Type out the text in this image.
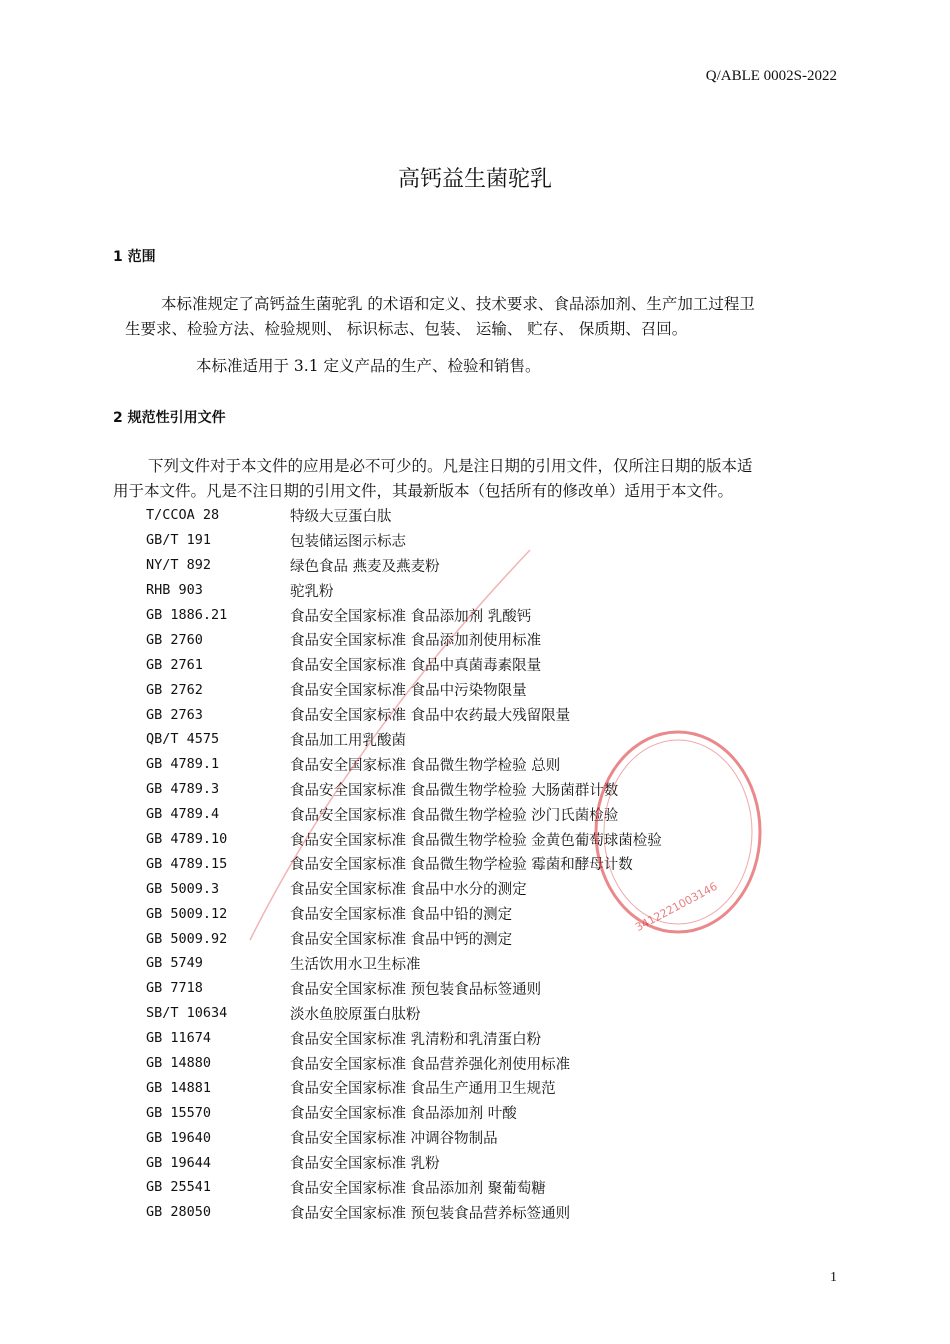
Q/ABLE 0002S-2022
高钙益生菌驼乳
1 范围
本标准规定了高钙益生菌驼乳 的术语和定义、技术要求、食品添加剂、生产加工过程卫
生要求、检验方法、检验规则、 标识标志、包装、 运输、 贮存、 保质期、召回。
本标准适用于 3.1 定义产品的生产、检验和销售。
2 规范性引用文件
下列文件对于本文件的应用是必不可少的。凡是注日期的引用文件，仅所注日期的版本适
用于本文件。凡是不注日期的引用文件，其最新版本（包括所有的修改单）适用于本文件。
T/CCOA 28	特级大豆蛋白肽
GB/T 191	包装储运图示标志
NY/T 892	绿色食品 燕麦及燕麦粉
RHB 903	驼乳粉
GB 1886.21	食品安全国家标准 食品添加剂 乳酸钙
GB 2760	食品安全国家标准 食品添加剂使用标准
GB 2761	食品安全国家标准 食品中真菌毒素限量
GB 2762	食品安全国家标准 食品中污染物限量
GB 2763	食品安全国家标准 食品中农药最大残留限量
QB/T 4575	食品加工用乳酸菌
GB 4789.1	食品安全国家标准 食品微生物学检验 总则
GB 4789.3	食品安全国家标准 食品微生物学检验 大肠菌群计数
GB 4789.4	食品安全国家标准 食品微生物学检验 沙门氏菌检验
GB 4789.10	食品安全国家标准 食品微生物学检验 金黄色葡萄球菌检验
GB 4789.15	食品安全国家标准 食品微生物学检验 霉菌和酵母计数
GB 5009.3	食品安全国家标准 食品中水分的测定
GB 5009.12	食品安全国家标准 食品中铅的测定
GB 5009.92	食品安全国家标准 食品中钙的测定
GB 5749	生活饮用水卫生标准
GB 7718	食品安全国家标准 预包装食品标签通则
SB/T 10634	淡水鱼胶原蛋白肽粉
GB 11674	食品安全国家标准 乳清粉和乳清蛋白粉
GB 14880	食品安全国家标准 食品营养强化剂使用标准
GB 14881	食品安全国家标准 食品生产通用卫生规范
GB 15570	食品安全国家标准 食品添加剂 叶酸
GB 19640	食品安全国家标准 冲调谷物制品
GB 19644	食品安全国家标准 乳粉
GB 25541	食品安全国家标准 食品添加剂 聚葡萄糖
GB 28050	食品安全国家标准 预包装食品营养标签通则
3412221003146
1
